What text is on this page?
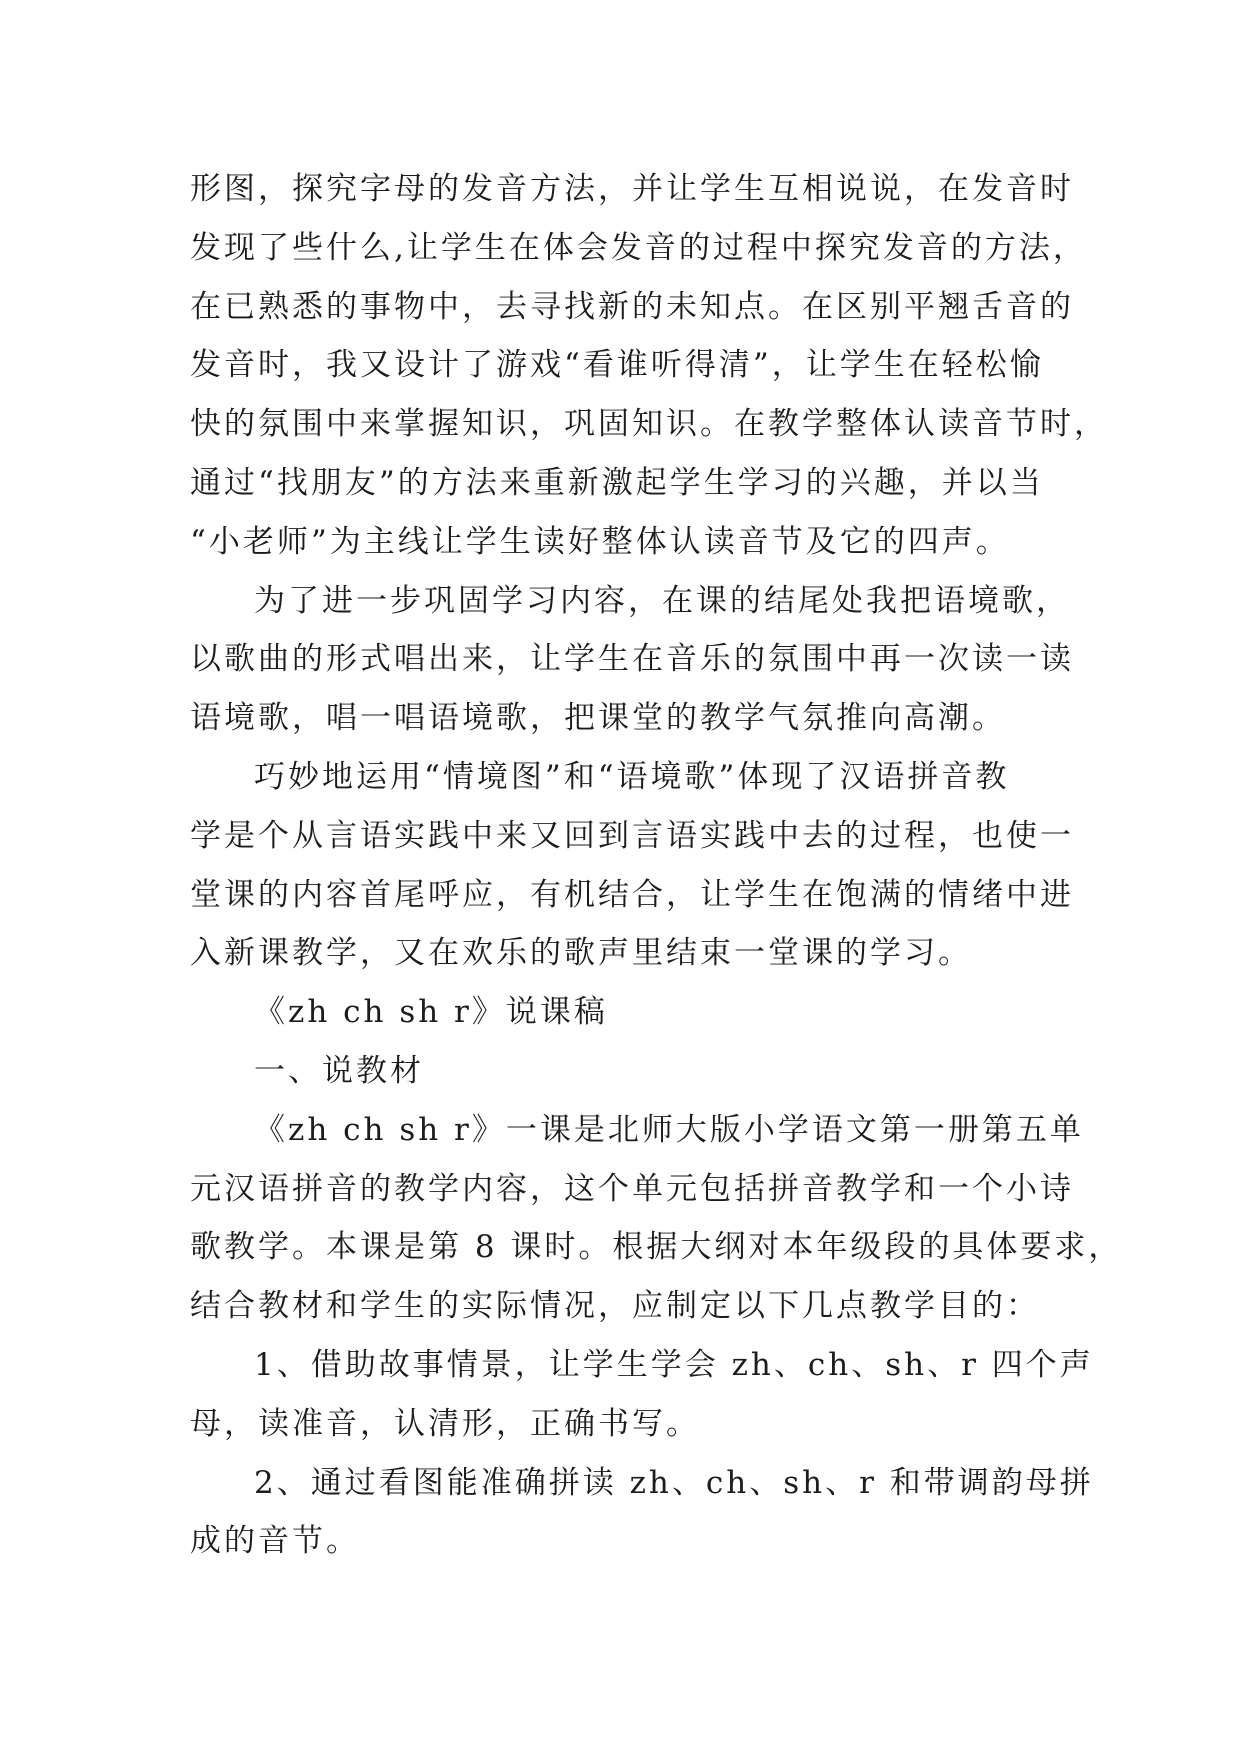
形图，探究字母的发音方法，并让学生互相说说，在发音时
发现了些什么,让学生在体会发音的过程中探究发音的方法，
在已熟悉的事物中，去寻找新的未知点。在区别平翘舌音的
发音时，我又设计了游戏“看谁听得清”，让学生在轻松愉
快的氛围中来掌握知识，巩固知识。在教学整体认读音节时，
通过“找朋友”的方法来重新激起学生学习的兴趣，并以当
“小老师”为主线让学生读好整体认读音节及它的四声。
为了进一步巩固学习内容，在课的结尾处我把语境歌，
以歌曲的形式唱出来，让学生在音乐的氛围中再一次读一读
语境歌，唱一唱语境歌，把课堂的教学气氛推向高潮。
巧妙地运用“情境图”和“语境歌”体现了汉语拼音教
学是个从言语实践中来又回到言语实践中去的过程，也使一
堂课的内容首尾呼应，有机结合，让学生在饱满的情绪中进
入新课教学，又在欢乐的歌声里结束一堂课的学习。
《zh ch sh r》说课稿
一、说教材
《zh ch sh r》一课是北师大版小学语文第一册第五单
元汉语拼音的教学内容，这个单元包括拼音教学和一个小诗
歌教学。本课是第 8 课时。根据大纲对本年级段的具体要求，
结合教材和学生的实际情况，应制定以下几点教学目的：
1、借助故事情景，让学生学会 zh、ch、sh、r 四个声
母，读准音，认清形，正确书写。
2、通过看图能准确拼读 zh、ch、sh、r 和带调韵母拼
成的音节。
